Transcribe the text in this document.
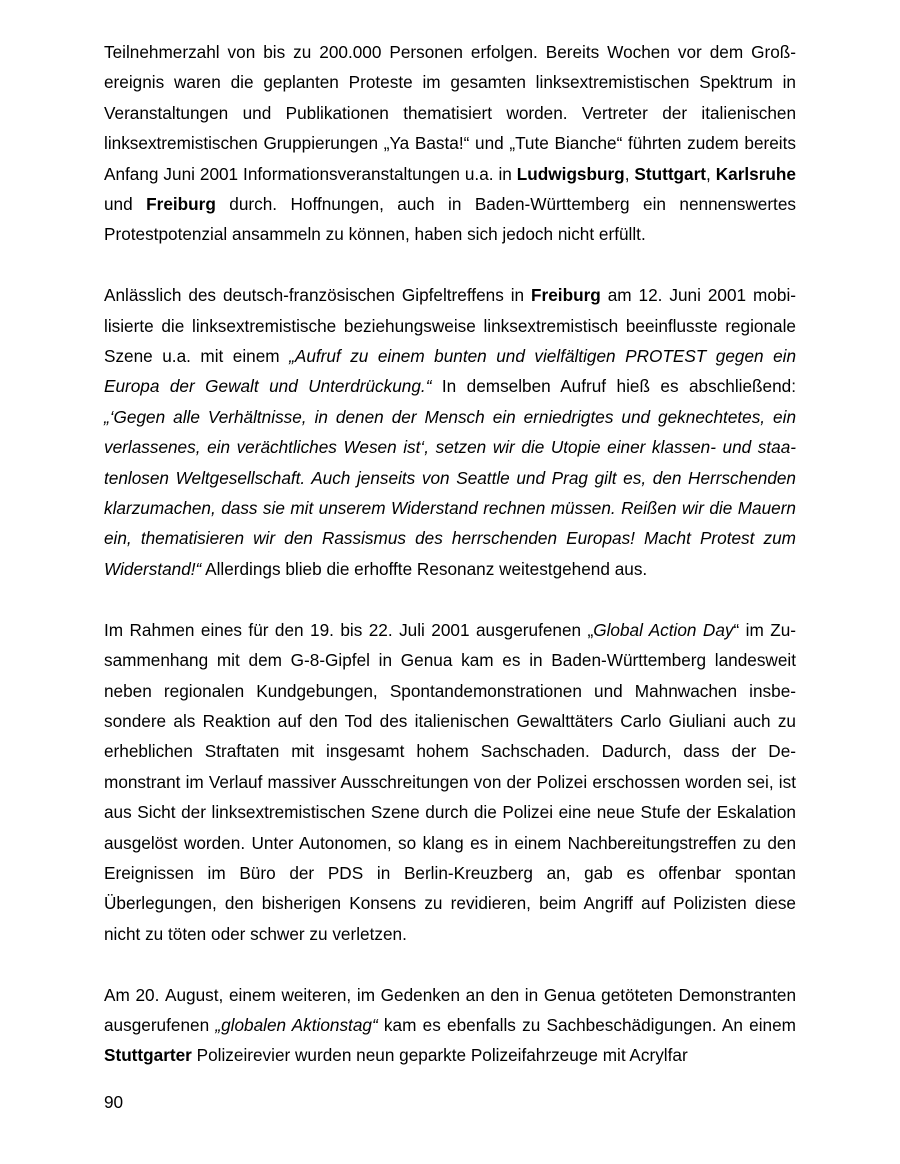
Teilnehmerzahl von bis zu 200.000 Personen erfolgen. Bereits Wochen vor dem Großereignis waren die geplanten Proteste im gesamten linksextremistischen Spektrum in Veranstaltungen und Publikationen thematisiert worden. Vertreter der italienischen linksextremistischen Gruppierungen „Ya Basta!“ und „Tute Bianche“ führten zudem bereits Anfang Juni 2001 Informationsveranstaltungen u.a. in Ludwigsburg, Stuttgart, Karlsruhe und Freiburg durch. Hoffnungen, auch in Baden-Württemberg ein nennenswertes Protestpotenzial ansammeln zu können, haben sich jedoch nicht erfüllt.

Anlässlich des deutsch-französischen Gipfeltreffens in Freiburg am 12. Juni 2001 mobilisierte die linksextremistische beziehungsweise linksextremistisch beeinflusste regionale Szene u.a. mit einem „Aufruf zu einem bunten und vielfältigen PROTEST gegen ein Europa der Gewalt und Unterdrückung.“ In demselben Aufruf hieß es abschließend: „‘Gegen alle Verhältnisse, in denen der Mensch ein erniedrigtes und geknechtetes, ein verlassenes, ein verächtliches Wesen ist‘, setzen wir die Utopie einer klassen- und staatenlosen Weltgesellschaft. Auch jenseits von Seattle und Prag gilt es, den Herrschenden klarzumachen, dass sie mit unserem Widerstand rechnen müssen. Reißen wir die Mauern ein, thematisieren wir den Rassismus des herrschenden Europas! Macht Protest zum Widerstand!“ Allerdings blieb die erhoffte Resonanz weitestgehend aus.

Im Rahmen eines für den 19. bis 22. Juli 2001 ausgerufenen „Global Action Day“ im Zusammenhang mit dem G-8-Gipfel in Genua kam es in Baden-Württemberg landesweit neben regionalen Kundgebungen, Spontandemonstrationen und Mahnwachen insbesondere als Reaktion auf den Tod des italienischen Gewalttäters Carlo Giuliani auch zu erheblichen Straftaten mit insgesamt hohem Sachschaden. Dadurch, dass der Demonstrant im Verlauf massiver Ausschreitungen von der Polizei erschossen worden sei, ist aus Sicht der linksextremistischen Szene durch die Polizei eine neue Stufe der Eskalation ausgelöst worden. Unter Autonomen, so klang es in einem Nachbereitungstreffen zu den Ereignissen im Büro der PDS in Berlin-Kreuzberg an, gab es offenbar spontan Überlegungen, den bisherigen Konsens zu revidieren, beim Angriff auf Polizisten diese nicht zu töten oder schwer zu verletzen.

Am 20. August, einem weiteren, im Gedenken an den in Genua getöteten Demonstranten ausgerufenen „globalen Aktionstag“ kam es ebenfalls zu Sachbeschädigungen. An einem Stuttgarter Polizeirevier wurden neun geparkte Polizeifahrzeuge mit Acrylfar

90
